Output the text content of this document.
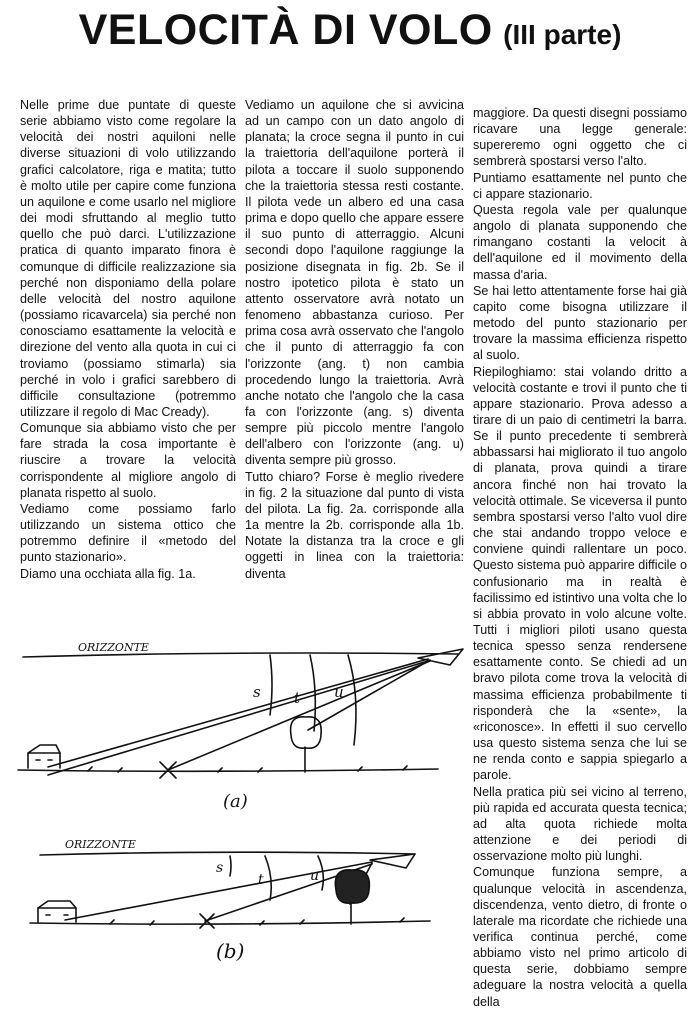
VELOCITÀ DI VOLO (III parte)

Nelle prime due puntate di queste serie abbiamo visto come regolare la velocità dei nostri aquiloni nelle diverse situazioni di volo utilizzando grafici calcolatore, riga e matita; tutto è molto utile per capire come funziona un aquilone e come usarlo nel migliore dei modi sfruttando al meglio tutto quello che può darci. L'utilizzazione pratica di quanto imparato finora è comunque di difficile realizzazione sia perché non disponiamo della polare delle velocità del nostro aquilone (possiamo ricavarcela) sia perché non conosciamo esattamente la velocità e direzione del vento alla quota in cui ci troviamo (possiamo stimarla) sia perché in volo i grafici sarebbero di difficile consultazione (potremmo utilizzare il regolo di Mac Cready).

Comunque sia abbiamo visto che per fare strada la cosa importante è riuscire a trovare la velocità corrispondente al migliore angolo di planata rispetto al suolo.

Vediamo come possiamo farlo utilizzando un sistema ottico che potremmo definire il «metodo del punto stazionario».

Diamo una occhiata alla fig. 1a.

Vediamo un aquilone che si avvicina ad un campo con un dato angolo di planata; la croce segna il punto in cui la traiettoria dell'aquilone porterà il pilota a toccare il suolo supponendo che la traiettoria stessa resti costante. Il pilota vede un albero ed una casa prima e dopo quello che appare essere il suo punto di atterraggio. Alcuni secondi dopo l'aquilone raggiunge la posizione disegnata in fig. 2b. Se il nostro ipotetico pilota è stato un attento osservatore avrà notato un fenomeno abbastanza curioso. Per prima cosa avrà osservato che l'angolo che il punto di atterraggio fa con l'orizzonte (ang. t) non cambia procedendo lungo la traiettoria. Avrà anche notato che l'angolo che la casa fa con l'orizzonte (ang. s) diventa sempre più piccolo mentre l'angolo dell'albero con l'orizzonte (ang. u) diventa sempre più grosso.

Tutto chiaro? Forse è meglio rivedere in fig. 2 la situazione dal punto di vista del pilota. La fig. 2a. corrisponde alla 1a mentre la 2b. corrisponde alla 1b. Notate la distanza tra la croce e gli oggetti in linea con la traiettoria: diventa

maggiore. Da questi disegni possiamo ricavare una legge generale: supereremo ogni oggetto che ci sembrerà spostarsi verso l'alto.

Puntiamo esattamente nel punto che ci appare stazionario.

Questa regola vale per qualunque angolo di planata supponendo che rimangano costanti la velocit à dell'aquilone ed il movimento della massa d'aria.

Se hai letto attentamente forse hai già capito come bisogna utilizzare il metodo del punto stazionario per trovare la massima efficienza rispetto al suolo.

Riepiloghiamo: stai volando dritto a velocità costante e trovi il punto che ti appare stazionario. Prova adesso a tirare di un paio di centimetri la barra. Se il punto precedente ti sembrerà abbassarsi hai migliorato il tuo angolo di planata, prova quindi a tirare ancora finché non hai trovato la velocità ottimale. Se viceversa il punto sembra spostarsi verso l'alto vuol dire che stai andando troppo veloce e conviene quindi rallentare un poco. Questo sistema può apparire difficile o confusionario ma in realtà è facilissimo ed istintivo una volta che lo si abbia provato in volo alcune volte. Tutti i migliori piloti usano questa tecnica spesso senza rendersene esattamente conto. Se chiedi ad un bravo pilota come trova la velocità di massima efficienza probabilmente ti risponderà che la «sente», la «riconosce». In effetti il suo cervello usa questo sistema senza che lui se ne renda conto e sappia spiegarlo a parole.

Nella pratica più sei vicino al terreno, più rapida ed accurata questa tecnica; ad alta quota richiede molta attenzione e dei periodi di osservazione molto più lunghi.

Comunque funziona sempre, a qualunque velocità in ascendenza, discendenza, vento dietro, di fronte o laterale ma ricordate che richiede una verifica continua perché, come abbiamo visto nel primo articolo di questa serie, dobbiamo sempre adeguare la nostra velocità a quella della

ORIZZONTE
s t u
(a)
ORIZZONTE
s
t	u
(b)
